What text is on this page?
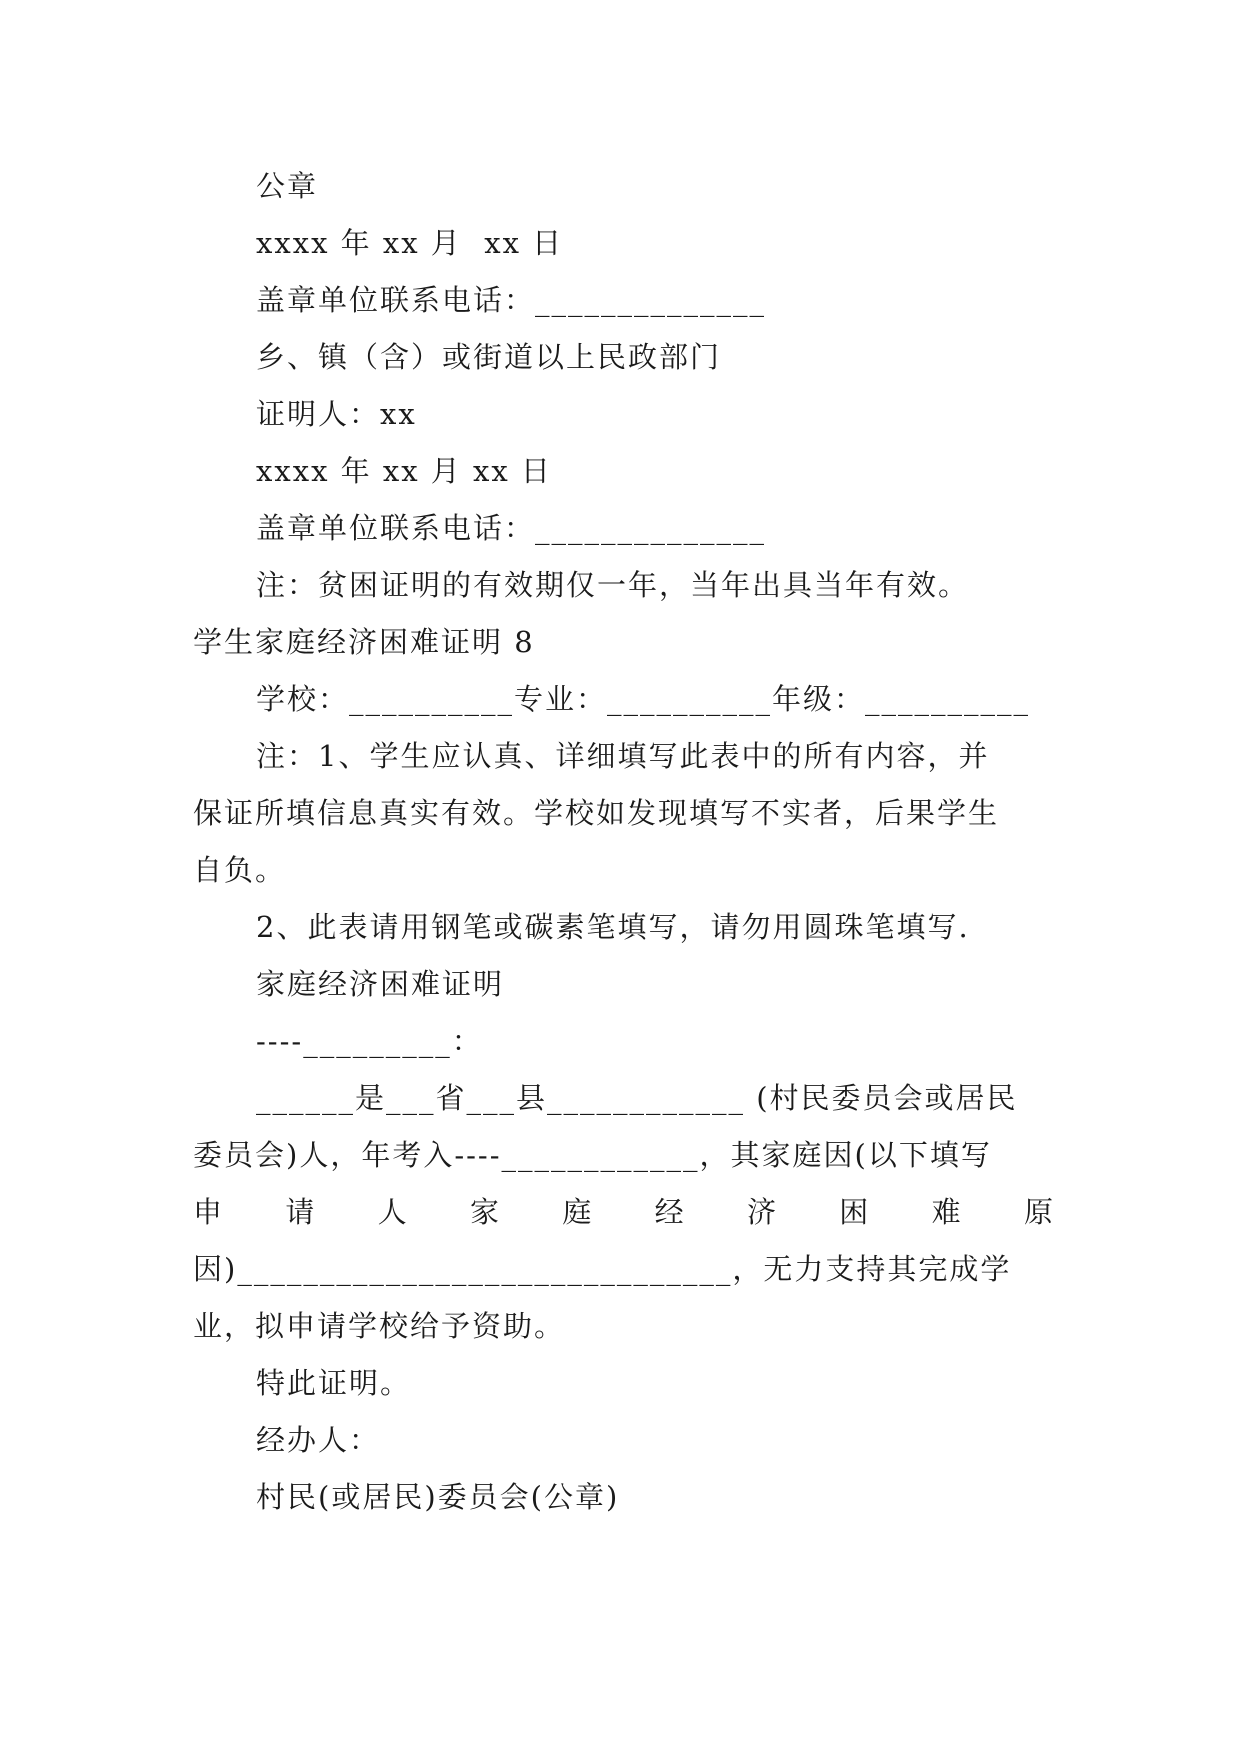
公章
xxxx 年 xx 月  xx 日
盖章单位联系电话：______________
乡、镇（含）或街道以上民政部门
证明人：xx
xxxx 年 xx 月 xx 日
盖章单位联系电话：______________
注：贫困证明的有效期仅一年，当年出具当年有效。
学生家庭经济困难证明 8
学校：__________专业：__________年级：__________
注：1、学生应认真、详细填写此表中的所有内容，并
保证所填信息真实有效。学校如发现填写不实者，后果学生
自负。
2、此表请用钢笔或碳素笔填写，请勿用圆珠笔填写.
家庭经济困难证明
----_________：
______是___省___县____________ (村民委员会或居民
委员会)人，年考入----____________，其家庭因(以下填写
申 请 人 家 庭 经 济 困 难 原
因)______________________________，无力支持其完成学
业，拟申请学校给予资助。
特此证明。
经办人：
村民(或居民)委员会(公章)
